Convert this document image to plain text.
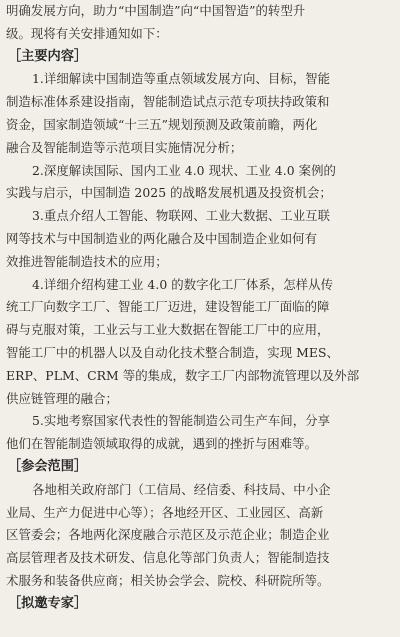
明确发展方向，助力“中国制造”向“中国智造”的转型升
级。现将有关安排通知如下：
［主要内容］
1.详细解读中国制造等重点领域发展方向、目标，智能
制造标准体系建设指南，智能制造试点示范专项扶持政策和
资金，国家制造领域“十三五”规划预测及政策前瞻，两化
融合及智能制造等示范项目实施情况分析；
2.深度解读国际、国内工业 4.0 现状、工业 4.0 案例的
实践与启示，中国制造 2025 的战略发展机遇及投资机会；
3.重点介绍人工智能、物联网、工业大数据、工业互联
网等技术与中国制造业的两化融合及中国制造企业如何有
效推进智能制造技术的应用；
4.详细介绍构建工业 4.0 的数字化工厂体系，怎样从传
统工厂向数字工厂、智能工厂迈进，建设智能工厂面临的障
碍与克服对策，工业云与工业大数据在智能工厂中的应用，
智能工厂中的机器人以及自动化技术整合制造，实现 MES、
ERP、PLM、CRM 等的集成，数字工厂内部物流管理以及外部
供应链管理的融合；
5.实地考察国家代表性的智能制造公司生产车间，分享
他们在智能制造领域取得的成就，遇到的挫折与困难等。
［参会范围］
各地相关政府部门（工信局、经信委、科技局、中小企
业局、生产力促进中心等）；各地经开区、工业园区、高新
区管委会；各地两化深度融合示范区及示范企业；制造企业
高层管理者及技术研发、信息化等部门负责人；智能制造技
术服务和装备供应商；相关协会学会、院校、科研院所等。
［拟邀专家］
